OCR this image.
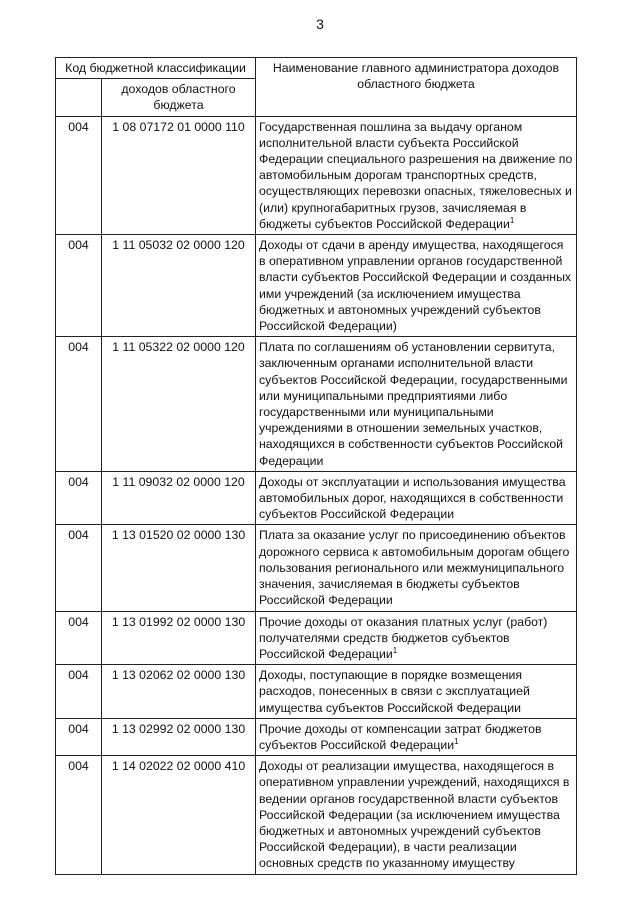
3
Код бюджетной классификации		Наименование главного администратора доходов областного бюджета
	доходов областного бюджета	
004	1 08 07172 01 0000 110	Государственная пошлина за выдачу органом исполнительной власти субъекта Российской Федерации специального разрешения на движение по автомобильным дорогам транспортных средств, осуществляющих перевозки опасных, тяжеловесных и (или) крупногабаритных грузов, зачисляемая в бюджеты субъектов Российской Федерации$^1$
004	1 11 05032 02 0000 120	Доходы от сдачи в аренду имущества, находящегося в оперативном управлении органов государственной власти субъектов Российской Федерации и созданных ими учреждений (за исключением имущества бюджетных и автономных учреждений субъектов Российской Федерации)
004	1 11 05322 02 0000 120	Плата по соглашениям об установлении сервитута, заключенным органами исполнительной власти субъектов Российской Федерации, государственными или муниципальными предприятиями либо государственными или муниципальными учреждениями в отношении земельных участков, находящихся в собственности субъектов Российской Федерации
004	1 11 09032 02 0000 120	Доходы от эксплуатации и использования имущества автомобильных дорог, находящихся в собственности субъектов Российской Федерации
004	1 13 01520 02 0000 130	Плата за оказание услуг по присоединению объектов дорожного сервиса к автомобильным дорогам общего пользования регионального или межмуниципального значения, зачисляемая в бюджеты субъектов Российской Федерации
004	1 13 01992 02 0000 130	Прочие доходы от оказания платных услуг (работ) получателями средств бюджетов субъектов Российской Федерации$^1$
004	1 13 02062 02 0000 130	Доходы, поступающие в порядке возмещения расходов, понесенных в связи с эксплуатацией имущества субъектов Российской Федерации
004	1 13 02992 02 0000 130	Прочие доходы от компенсации затрат бюджетов субъектов Российской Федерации$^1$
004	1 14 02022 02 0000 410	Доходы от реализации имущества, находящегося в оперативном управлении учреждений, находящихся в ведении органов государственной власти субъектов Российской Федерации (за исключением имущества бюджетных и автономных учреждений субъектов Российской Федерации), в части реализации основных средств по указанному имуществу
